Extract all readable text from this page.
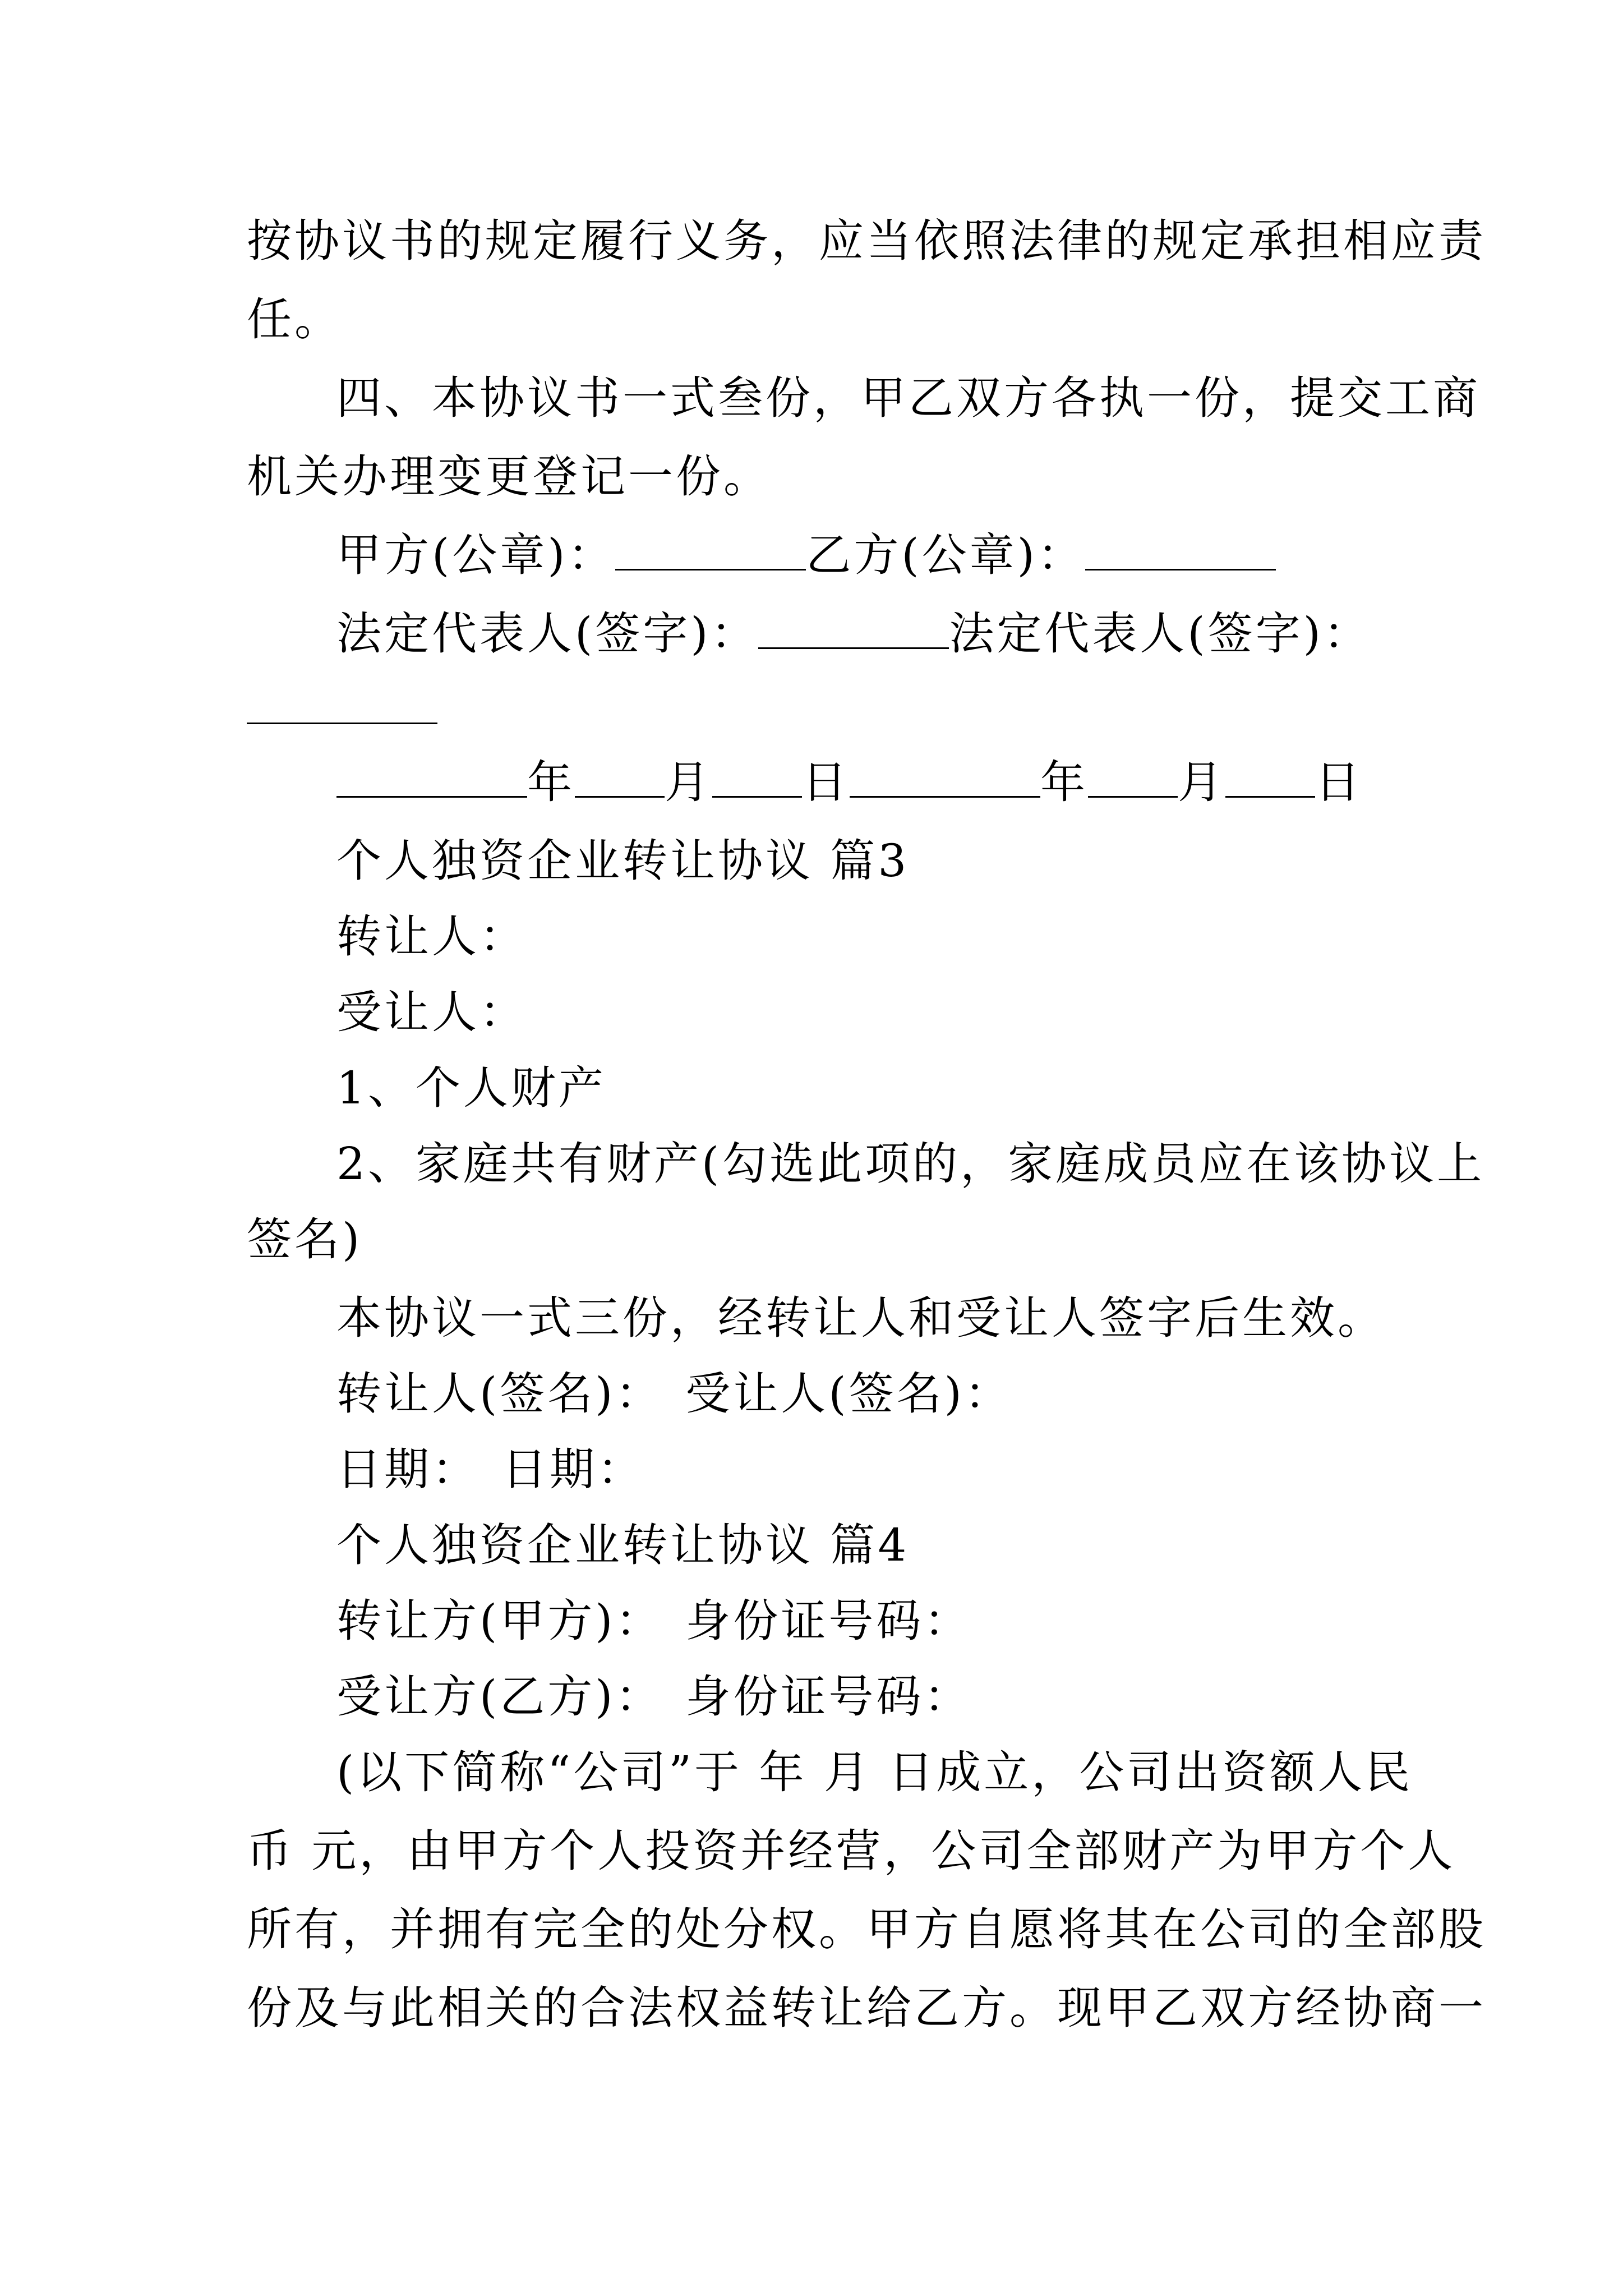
按协议书的规定履行义务，应当依照法律的规定承担相应责
任。
四、本协议书一式叁份，甲乙双方各执一份，提交工商
机关办理变更登记一份。
甲方(公章)：	乙方(公章)：
法定代表人(签字)：	法定代表人(签字)：
年 月 日	年 月 日
个人独资企业转让协议 篇3
转让人：
受让人：
1、个人财产
2、家庭共有财产(勾选此项的，家庭成员应在该协议上
签名)
本协议一式三份，经转让人和受让人签字后生效。
转让人(签名)： 受让人(签名)：
日期： 日期：
个人独资企业转让协议 篇4
转让方(甲方)： 身份证号码：
受让方(乙方)： 身份证号码：
(以下简称“公司”于 年 月 日成立，公司出资额人民
币 元，由甲方个人投资并经营，公司全部财产为甲方个人
所有，并拥有完全的处分权。甲方自愿将其在公司的全部股
份及与此相关的合法权益转让给乙方。现甲乙双方经协商一
